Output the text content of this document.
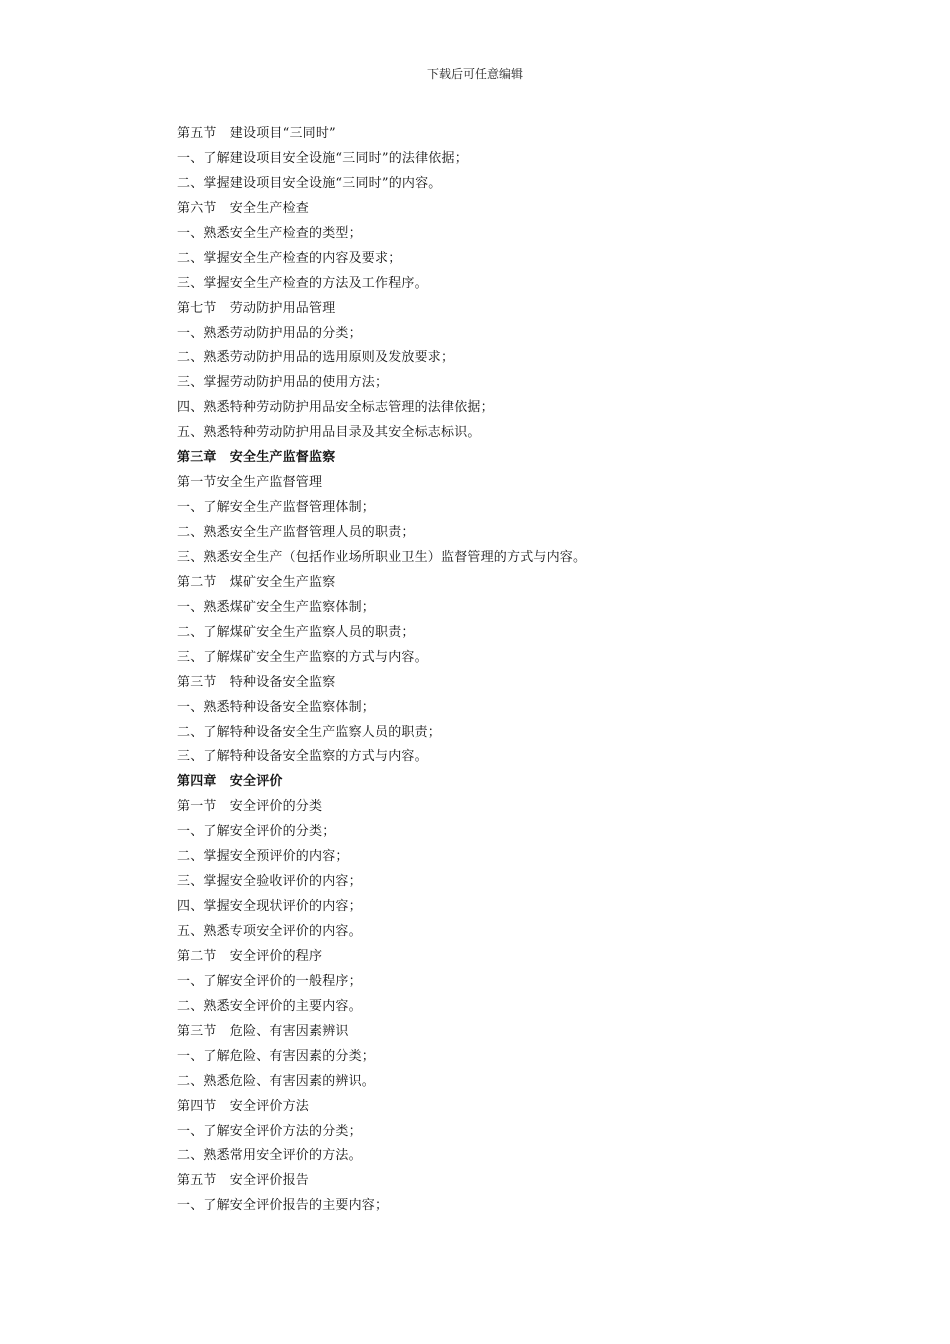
下载后可任意编辑
第五节　建设项目“三同时”
一、了解建设项目安全设施“三同时”的法律依据；
二、掌握建设项目安全设施“三同时”的内容。
第六节　安全生产检查
一、熟悉安全生产检查的类型；
二、掌握安全生产检查的内容及要求；
三、掌握安全生产检查的方法及工作程序。
第七节　劳动防护用品管理
一、熟悉劳动防护用品的分类；
二、熟悉劳动防护用品的选用原则及发放要求；
三、掌握劳动防护用品的使用方法；
四、熟悉特种劳动防护用品安全标志管理的法律依据；
五、熟悉特种劳动防护用品目录及其安全标志标识。
第三章　安全生产监督监察
第一节安全生产监督管理
一、了解安全生产监督管理体制；
二、熟悉安全生产监督管理人员的职责；
三、熟悉安全生产（包括作业场所职业卫生）监督管理的方式与内容。
第二节　煤矿安全生产监察
一、熟悉煤矿安全生产监察体制；
二、了解煤矿安全生产监察人员的职责；
三、了解煤矿安全生产监察的方式与内容。
第三节　特种设备安全监察
一、熟悉特种设备安全监察体制；
二、了解特种设备安全生产监察人员的职责；
三、了解特种设备安全监察的方式与内容。
第四章　安全评价
第一节　安全评价的分类
一、了解安全评价的分类；
二、掌握安全预评价的内容；
三、掌握安全验收评价的内容；
四、掌握安全现状评价的内容；
五、熟悉专项安全评价的内容。
第二节　安全评价的程序
一、了解安全评价的一般程序；
二、熟悉安全评价的主要内容。
第三节　危险、有害因素辨识
一、了解危险、有害因素的分类；
二、熟悉危险、有害因素的辨识。
第四节　安全评价方法
一、了解安全评价方法的分类；
二、熟悉常用安全评价的方法。
第五节　安全评价报告
一、了解安全评价报告的主要内容；
